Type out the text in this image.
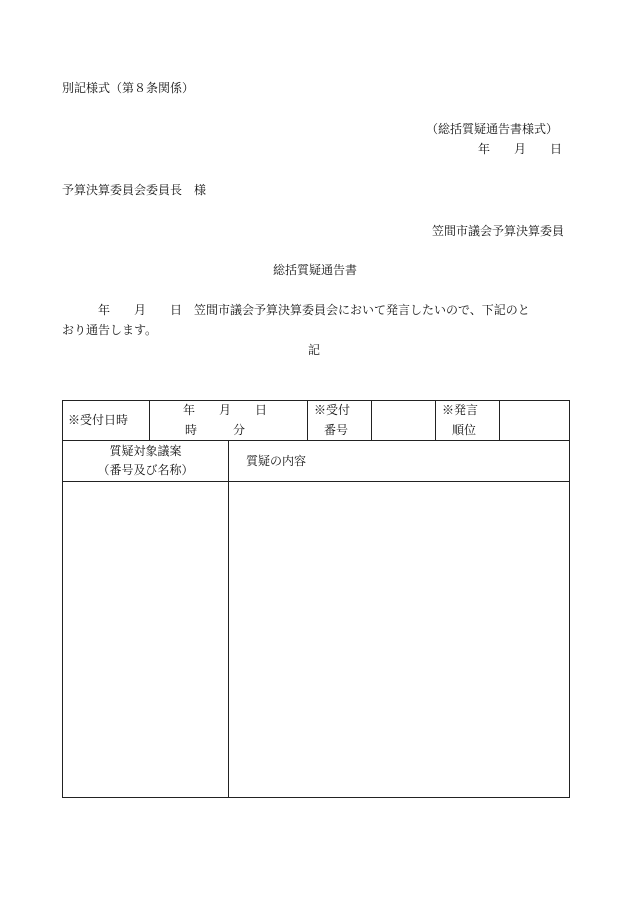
別記様式（第８条関係）
（総括質疑通告書様式）
年　　月　　日
予算決算委員会委員長　様
笠間市議会予算決算委員
総括質疑通告書
　　　年　　月　　日　笠間市議会予算決算委員会において発言したいので、下記のと
おり通告します。
記
※受付日時
年　　月　　日
時　　　分
※受付
番号
※発言
順位
質疑対象議案
（番号及び名称）
質疑の内容
